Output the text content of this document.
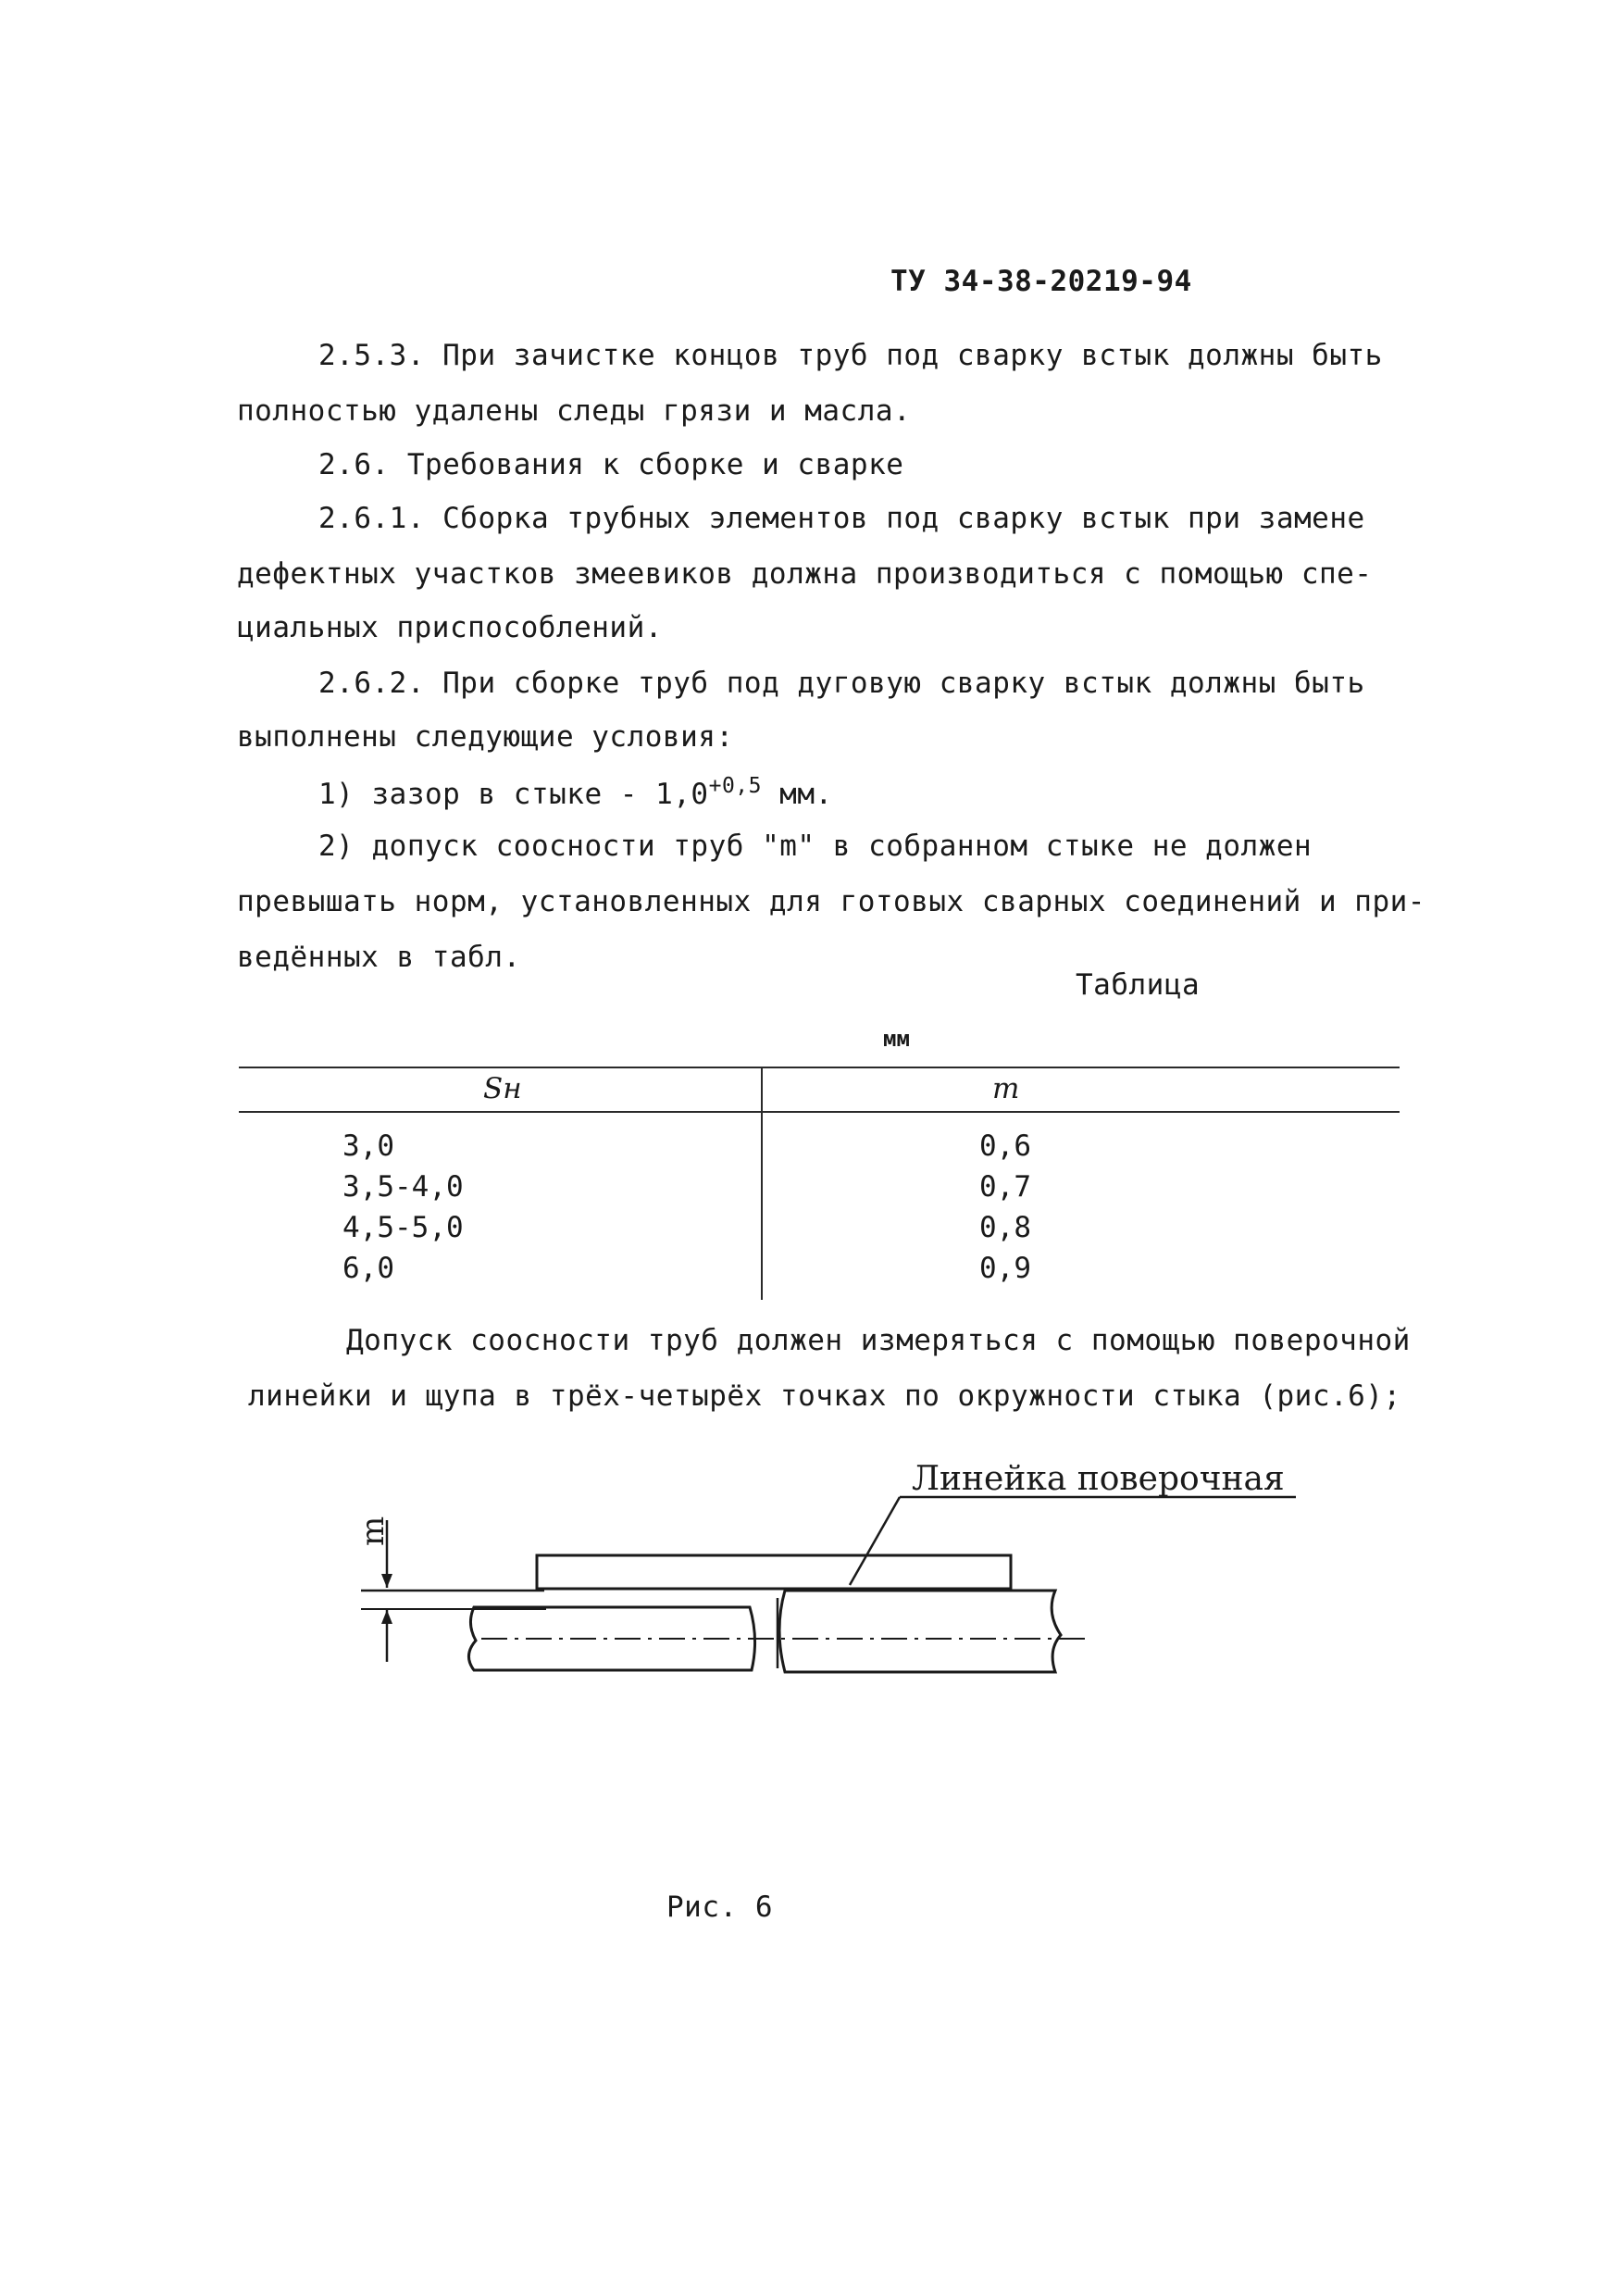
ТУ 34-38-20219-94
2.5.3. При зачистке концов труб под сварку встык должны быть
полностью удалены следы грязи и масла.
2.6. Требования к сборке и сварке
2.6.1. Сборка трубных элементов под сварку встык при замене
дефектных участков змеевиков должна производиться с помощью спе-
циальных приспособлений.
2.6.2. При сборке труб под дуговую сварку встык должны быть
выполнены следующие условия:
1) зазор в стыке - $1,0^{+0,5}$ мм.
2) допуск соосности труб "m" в собранном стыке не должен
превышать норм, установленных для готовых сварных соединений и при-
ведённых в табл.
Таблица
мм
Sн	m
3,0	0,6
3,5-4,0	0,7
4,5-5,0	0,8
6,0	0,9
Допуск соосности труб должен измеряться с помощью поверочной
линейки и щупа в трёх-четырёх точках по окружности стыка (рис.6);
Линейка поверочная
m
Рис. 6
